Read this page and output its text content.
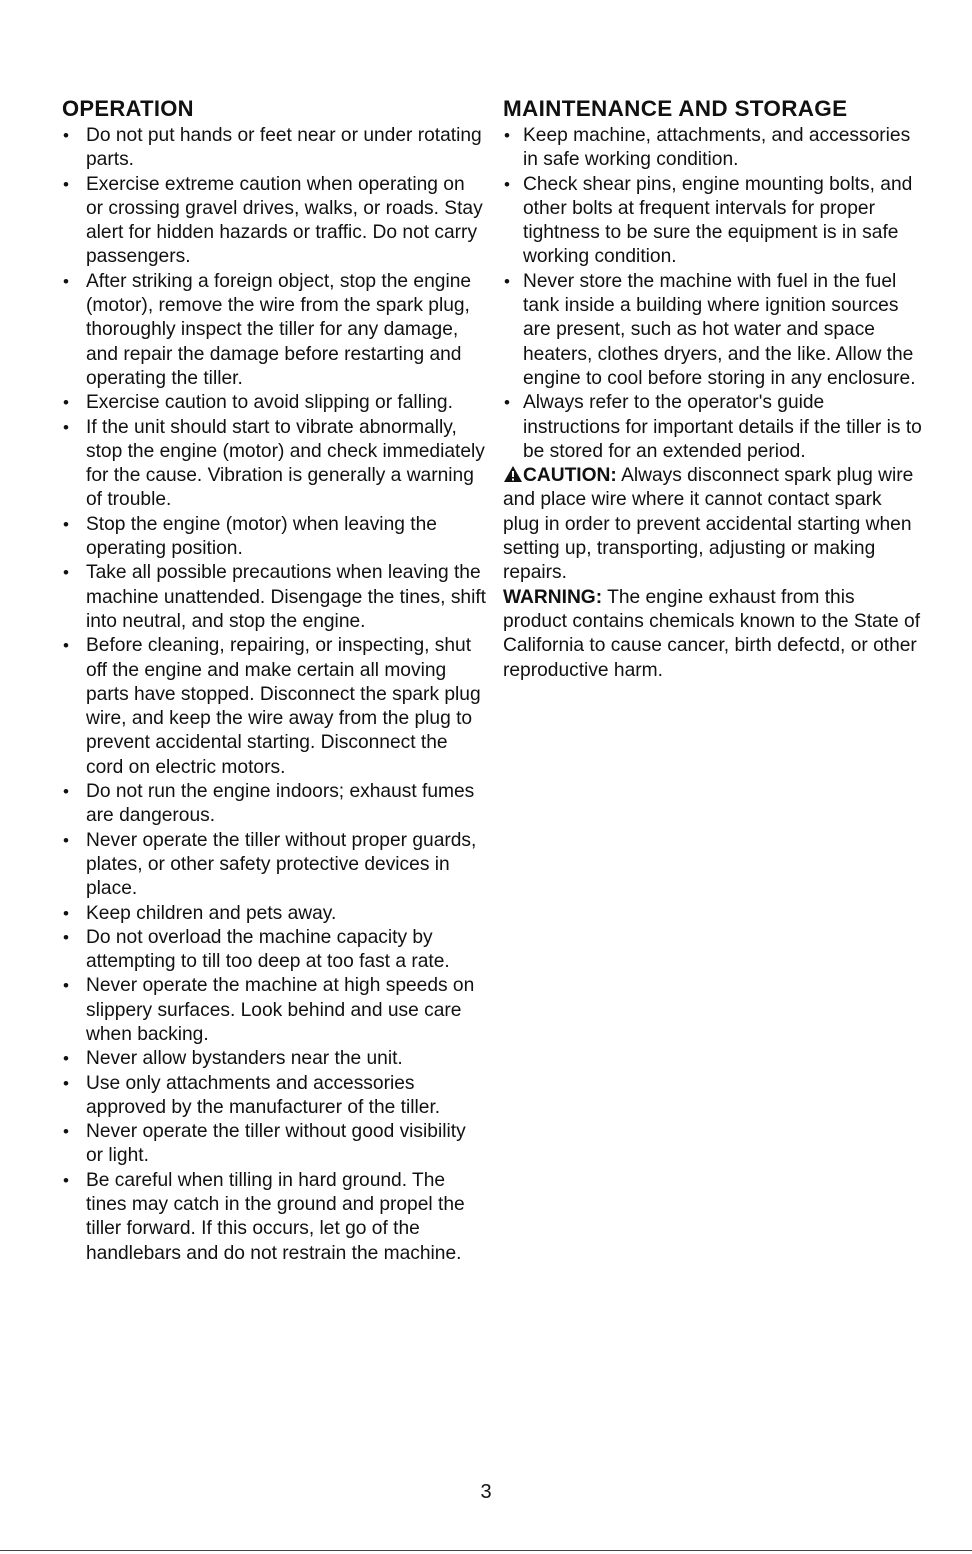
OPERATION
• Do not put hands or feet near or under rotating parts.
• Exercise extreme caution when operating on or crossing gravel drives, walks, or roads. Stay alert for hidden hazards or traffic. Do not carry passengers.
• After striking a foreign object, stop the engine (motor), remove the wire from the spark plug, thoroughly inspect the tiller for any damage, and repair the damage before restarting and operating the tiller.
• Exercise caution to avoid slipping or falling.
• If the unit should start to vibrate abnormally, stop the engine (motor) and check immediately for the cause. Vibration is generally a warning of trouble.
• Stop the engine (motor) when leaving the operating position.
• Take all possible precautions when leaving the machine unattended. Disengage the tines, shift into neutral, and stop the engine.
• Before cleaning, repairing, or inspecting, shut off the engine and make certain all moving parts have stopped. Disconnect the spark plug wire, and keep the wire away from the plug to prevent accidental starting. Disconnect the cord on electric motors.
• Do not run the engine indoors; exhaust fumes are dangerous.
• Never operate the tiller without proper guards, plates, or other safety protective devices in place.
• Keep children and pets away.
• Do not overload the machine capacity by attempting to till too deep at too fast a rate.
• Never operate the machine at high speeds on slippery surfaces. Look behind and use care when backing.
• Never allow bystanders near the unit.
• Use only attachments and accessories approved by the manufacturer of the tiller.
• Never operate the tiller without good visibility or light.
• Be careful when tilling in hard ground. The tines may catch in the ground and propel the tiller forward. If this occurs, let go of the handlebars and do not restrain the machine.
MAINTENANCE AND STORAGE
• Keep machine, attachments, and accessories in safe working condition.
• Check shear pins, engine mounting bolts, and other bolts at frequent intervals for proper tightness to be sure the equipment is in safe working condition.
• Never store the machine with fuel in the fuel tank inside a building where ignition sources are present, such as hot water and space heaters, clothes dryers, and the like. Allow the engine to cool before storing in any enclosure.
• Always refer to the operator's guide instructions for important details if the tiller is to be stored for an extended period.

CAUTION: Always disconnect spark plug wire and place wire where it cannot contact spark plug in order to prevent accidental starting when setting up, transporting, adjusting or making repairs.

WARNING: The engine exhaust from this product contains chemicals known to the State of California to cause cancer, birth defectd, or other reproductive harm.

3
